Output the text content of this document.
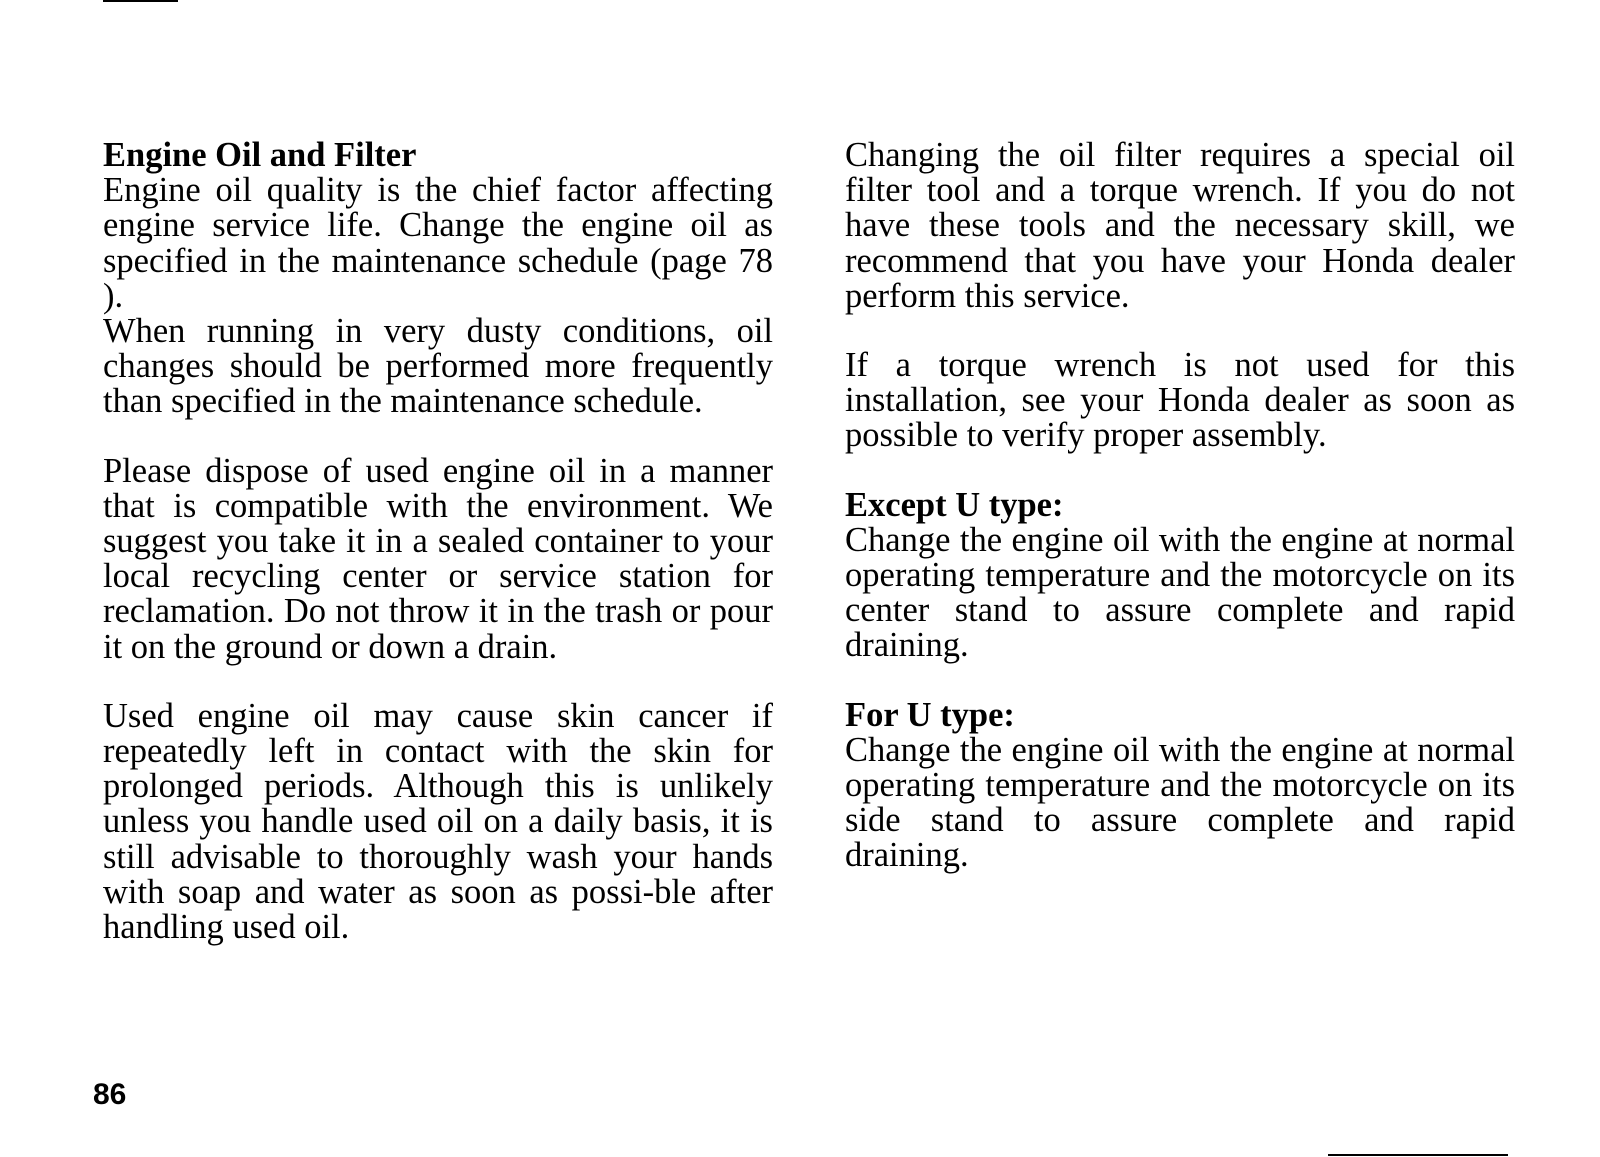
Engine Oil and Filter

Engine oil quality is the chief factor affecting engine service life. Change the engine oil as specified in the maintenance schedule (page 78 ).

When running in very dusty conditions, oil changes should be performed more frequently than specified in the maintenance schedule.

Please dispose of used engine oil in a manner that is compatible with the environment. We suggest you take it in a sealed container to your local recycling center or service station for reclamation. Do not throw it in the trash or pour it on the ground or down a drain.

Used engine oil may cause skin cancer if repeatedly left in contact with the skin for prolonged periods. Although this is unlikely unless you handle used oil on a daily basis, it is still advisable to thoroughly wash your hands with soap and water as soon as possi-ble after handling used oil.

Changing the oil filter requires a special oil filter tool and a torque wrench. If you do not have these tools and the necessary skill, we recommend that you have your Honda dealer perform this service.

If a torque wrench is not used for this installation, see your Honda dealer as soon as possible to verify proper assembly.

Except U type:

Change the engine oil with the engine at normal operating temperature and the motorcycle on its center stand to assure complete and rapid draining.

For U type:

Change the engine oil with the engine at normal operating temperature and the motorcycle on its side stand to assure complete and rapid draining.

86
